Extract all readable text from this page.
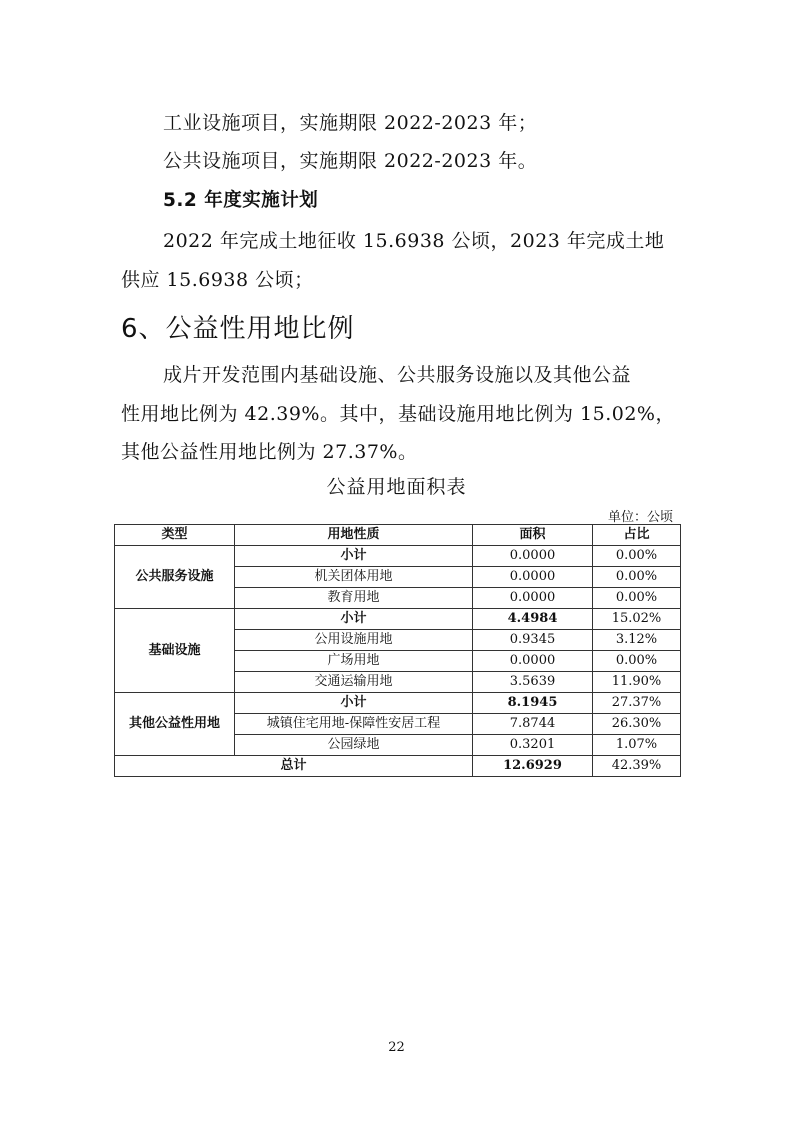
工业设施项目，实施期限 2022-2023 年；
公共设施项目，实施期限 2022-2023 年。
5.2 年度实施计划
2022 年完成土地征收 15.6938 公顷，2023 年完成土地
供应 15.6938 公顷；
6、公益性用地比例
成片开发范围内基础设施、公共服务设施以及其他公益
性用地比例为 42.39%。其中，基础设施用地比例为 15.02%，
其他公益性用地比例为 27.37%。
公益用地面积表
单位：公顷
类型	用地性质	面积	占比
公共服务设施	小计	0.0000	0.00%
	机关团体用地	0.0000	0.00%
	教育用地	0.0000	0.00%
基础设施	小计	4.4984	15.02%
	公用设施用地	0.9345	3.12%
	广场用地	0.0000	0.00%
	交通运输用地	3.5639	11.90%
其他公益性用地	小计	8.1945	27.37%
	城镇住宅用地-保障性安居工程	7.8744	26.30%
	公园绿地	0.3201	1.07%
总计		12.6929	42.39%
22
